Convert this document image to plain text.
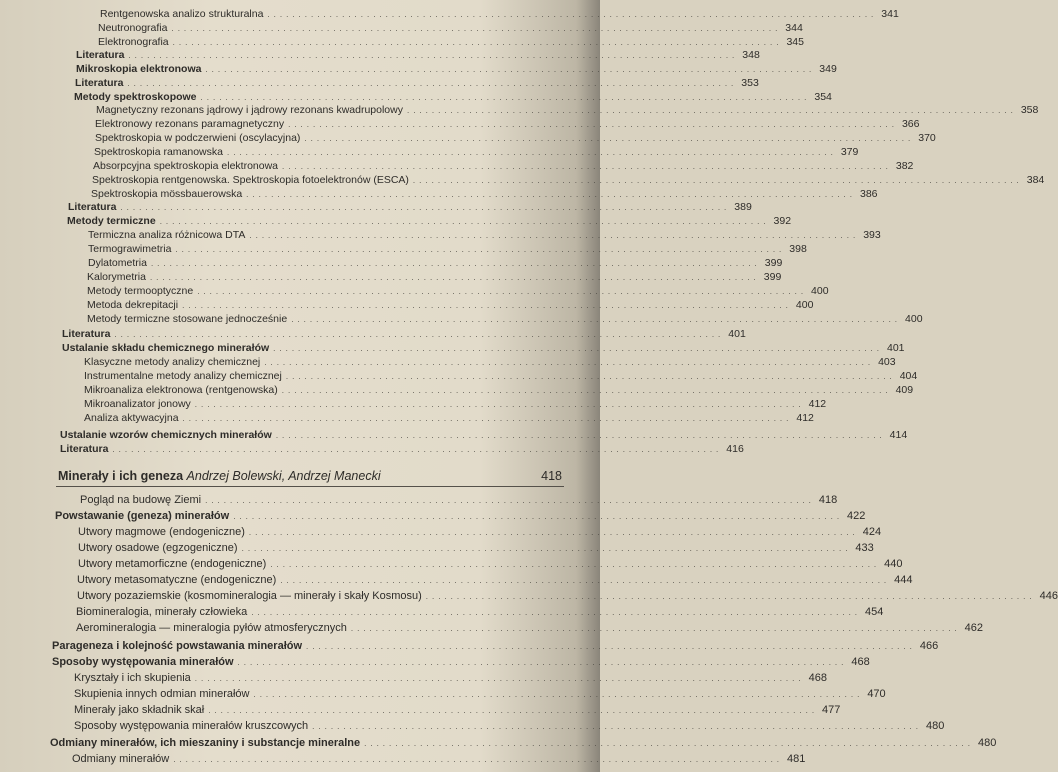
Rentgenowska analizo strukturalna .................................................................................................. 341
Neutronografia .................................................................................................. 344
Elektronografia .................................................................................................. 345
Literatura .................................................................................................. 348
Mikroskopia elektronowa .................................................................................................. 349
Literatura .................................................................................................. 353
Metody spektroskopowe .................................................................................................. 354
Magnetyczny rezonans jądrowy i jądrowy rezonans kwadrupolowy .................................................................................................. 358
Elektronowy rezonans paramagnetyczny .................................................................................................. 366
Spektroskopia w podczerwieni (oscylacyjna) .................................................................................................. 370
Spektroskopia ramanowska .................................................................................................. 379
Absorpcyjna spektroskopia elektronowa .................................................................................................. 382
Spektroskopia rentgenowska. Spektroskopia fotoelektronów (ESCA) .................................................................................................. 384
Spektroskopia mössbauerowska .................................................................................................. 386
Literatura .................................................................................................. 389
Metody termiczne .................................................................................................. 392
Termiczna analiza różnicowa DTA .................................................................................................. 393
Termograwimetria .................................................................................................. 398
Dylatometria .................................................................................................. 399
Kalorymetria .................................................................................................. 399
Metody termooptyczne .................................................................................................. 400
Metoda dekrepitacji .................................................................................................. 400
Metody termiczne stosowane jednocześnie .................................................................................................. 400
Literatura .................................................................................................. 401
Ustalanie składu chemicznego minerałów .................................................................................................. 401
Klasyczne metody analizy chemicznej .................................................................................................. 403
Instrumentalne metody analizy chemicznej .................................................................................................. 404
Mikroanaliza elektronowa (rentgenowska) .................................................................................................. 409
Mikroanalizator jonowy .................................................................................................. 412
Analiza aktywacyjna .................................................................................................. 412
Ustalanie wzorów chemicznych minerałów .................................................................................................. 414
Literatura .................................................................................................. 416
Minerały i ich geneza Andrzej Bolewski, Andrzej Manecki	418
Pogląd na budowę Ziemi .................................................................................................. 418
Powstawanie (geneza) minerałów .................................................................................................. 422
Utwory magmowe (endogeniczne) .................................................................................................. 424
Utwory osadowe (egzogeniczne) .................................................................................................. 433
Utwory metamorficzne (endogeniczne) .................................................................................................. 440
Utwory metasomatyczne (endogeniczne) .................................................................................................. 444
Utwory pozaziemskie (kosmomineralogia — minerały i skały Kosmosu) .................................................................................................. 446
Biomineralogia, minerały człowieka .................................................................................................. 454
Aeromineralogia — mineralogia pyłów atmosferycznych .................................................................................................. 462
Parageneza i kolejność powstawania minerałów .................................................................................................. 466
Sposoby występowania minerałów .................................................................................................. 468
Kryształy i ich skupienia .................................................................................................. 468
Skupienia innych odmian minerałów .................................................................................................. 470
Minerały jako składnik skał .................................................................................................. 477
Sposoby występowania minerałów kruszcowych .................................................................................................. 480
Odmiany minerałów, ich mieszaniny i substancje mineralne .................................................................................................. 480
Odmiany minerałów .................................................................................................. 481
